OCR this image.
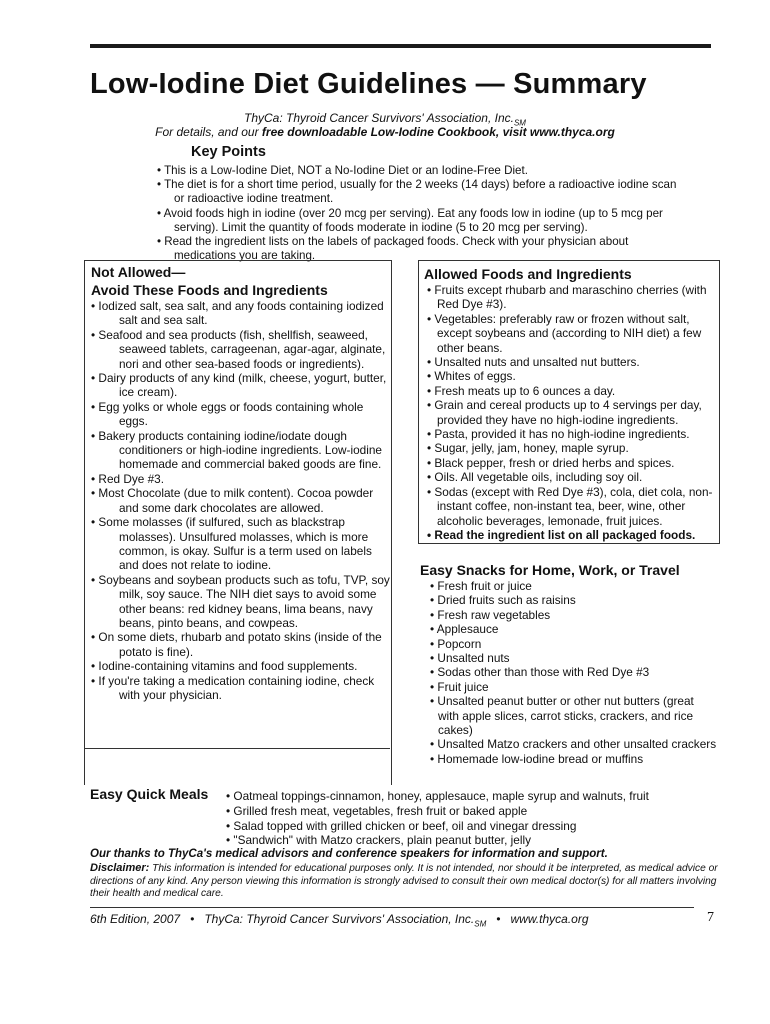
Low-Iodine Diet Guidelines — Summary
ThyCa: Thyroid Cancer Survivors' Association, $Inc._{SM}$
For details, and our free downloadable Low-Iodine Cookbook, visit www.thyca.org
Key Points
• This is a Low-Iodine Diet, NOT a No-Iodine Diet or an Iodine-Free Diet.
• The diet is for a short time period, usually for the 2 weeks (14 days) before a radioactive iodine scan
or radioactive iodine treatment.
• Avoid foods high in iodine (over 20 mcg per serving). Eat any foods low in iodine (up to 5 mcg per
serving). Limit the quantity of foods moderate in iodine (5 to 20 mcg per serving).
• Read the ingredient lists on the labels of packaged foods. Check with your physician about
medications you are taking.
Not Allowed—
Avoid These Foods and Ingredients
• Iodized salt, sea salt, and any foods containing iodized salt and sea salt.
• Seafood and sea products (fish, shellfish, seaweed, seaweed tablets, carrageenan, agar-agar, alginate, nori and other sea-based foods or ingredients).
• Dairy products of any kind (milk, cheese, yogurt, butter, ice cream).
• Egg yolks or whole eggs or foods containing whole eggs.
• Bakery products containing iodine/iodate dough conditioners or high-iodine ingredients. Low-iodine homemade and commercial baked goods are fine.
• Red Dye #3.
• Most Chocolate (due to milk content). Cocoa powder and some dark chocolates are allowed.
• Some molasses (if sulfured, such as blackstrap molasses). Unsulfured molasses, which is more common, is okay. Sulfur is a term used on labels and does not relate to iodine.
• Soybeans and soybean products such as tofu, TVP, soy milk, soy sauce. The NIH diet says to avoid some other beans: red kidney beans, lima beans, navy beans, pinto beans, and cowpeas.
• On some diets, rhubarb and potato skins (inside of the potato is fine).
• Iodine-containing vitamins and food supplements.
• If you're taking a medication containing iodine, check with your physician.
Allowed Foods and Ingredients
• Fruits except rhubarb and maraschino cherries (with Red Dye #3).
• Vegetables: preferably raw or frozen without salt, except soybeans and (according to NIH diet) a few other beans.
• Unsalted nuts and unsalted nut butters.
• Whites of eggs.
• Fresh meats up to 6 ounces a day.
• Grain and cereal products up to 4 servings per day, provided they have no high-iodine ingredients.
• Pasta, provided it has no high-iodine ingredients.
• Sugar, jelly, jam, honey, maple syrup.
• Black pepper, fresh or dried herbs and spices.
• Oils. All vegetable oils, including soy oil.
• Sodas (except with Red Dye #3), cola, diet cola, non-instant coffee, non-instant tea, beer, wine, other alcoholic beverages, lemonade, fruit juices.
• Read the ingredient list on all packaged foods.
Easy Snacks for Home, Work, or Travel
• Fresh fruit or juice
• Dried fruits such as raisins
• Fresh raw vegetables
• Applesauce
• Popcorn
• Unsalted nuts
• Sodas other than those with Red Dye #3
• Fruit juice
• Unsalted peanut butter or other nut butters (great with apple slices, carrot sticks, crackers, and rice cakes)
• Unsalted Matzo crackers and other unsalted crackers
• Homemade low-iodine bread or muffins
Easy Quick Meals • Oatmeal toppings-cinnamon, honey, applesauce, maple syrup and walnuts, fruit
• Grilled fresh meat, vegetables, fresh fruit or baked apple
• Salad topped with grilled chicken or beef, oil and vinegar dressing
• "Sandwich" with Matzo crackers, plain peanut butter, jelly
Our thanks to ThyCa's medical advisors and conference speakers for information and support.
Disclaimer: This information is intended for educational purposes only. It is not intended, nor should it be interpreted, as medical advice or directions of any kind. Any person viewing this information is strongly advised to consult their own medical doctor(s) for all matters involving their health and medical care.
6th Edition, 2007 • ThyCa: Thyroid Cancer Survivors' Association, $Inc._{SM}$ • www.thyca.org	7
